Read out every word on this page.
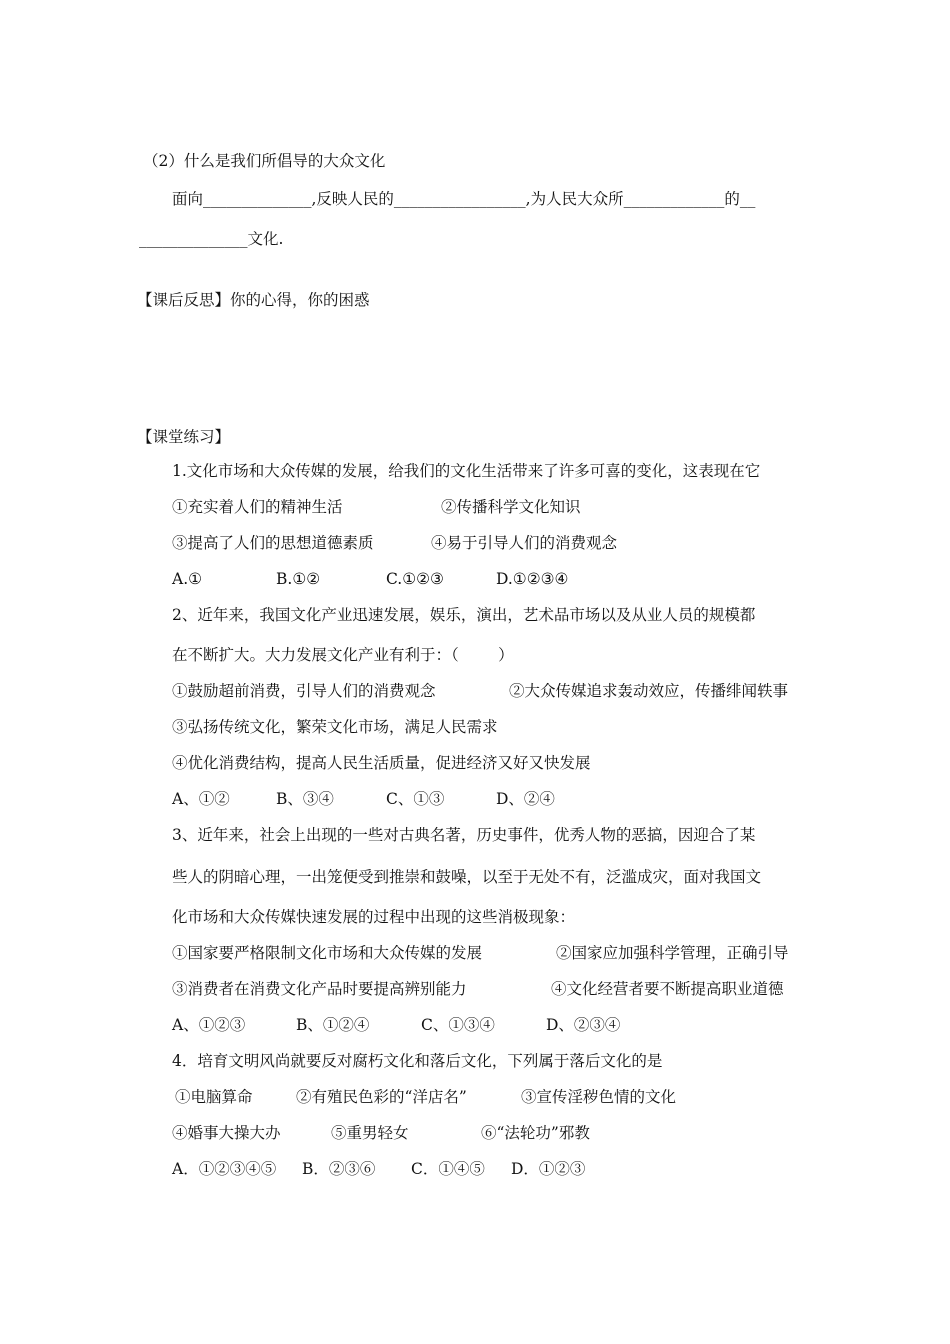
（2）什么是我们所倡导的大众文化
面向______________,反映人民的_________________,为人民大众所_____________的__
______________文化.
【课后反思】你的心得，你的困惑
【课堂练习】
1.文化市场和大众传媒的发展，给我们的文化生活带来了许多可喜的变化，这表现在它
①充实着人们的精神生活	②传播科学文化知识
③提高了人们的思想道德素质	④易于引导人们的消费观念
A.①	B.①②	C.①②③	D.①②③④
2、近年来，我国文化产业迅速发展，娱乐，演出，艺术品市场以及从业人员的规模都
在不断扩大。大力发展文化产业有利于：（        ）
①鼓励超前消费，引导人们的消费观念	②大众传媒追求轰动效应，传播绯闻轶事
③弘扬传统文化，繁荣文化市场，满足人民需求
④优化消费结构，提高人民生活质量，促进经济又好又快发展
A、①②	B、③④	C、①③	D、②④
3、近年来，社会上出现的一些对古典名著，历史事件，优秀人物的恶搞，因迎合了某
些人的阴暗心理，一出笼便受到推崇和鼓噪，以至于无处不有，泛滥成灾，面对我国文
化市场和大众传媒快速发展的过程中出现的这些消极现象：
①国家要严格限制文化市场和大众传媒的发展	②国家应加强科学管理，正确引导
③消费者在消费文化产品时要提高辨别能力	④文化经营者要不断提高职业道德
A、①②③	B、①②④	C、①③④	D、②③④
4．培育文明风尚就要反对腐朽文化和落后文化，下列属于落后文化的是
①电脑算命	②有殖民色彩的“洋店名”	③宣传淫秽色情的文化
④婚事大操大办	⑤重男轻女	⑥“法轮功”邪教
A．①②③④⑤ B．②③⑥ C．①④⑤ D．①②③
